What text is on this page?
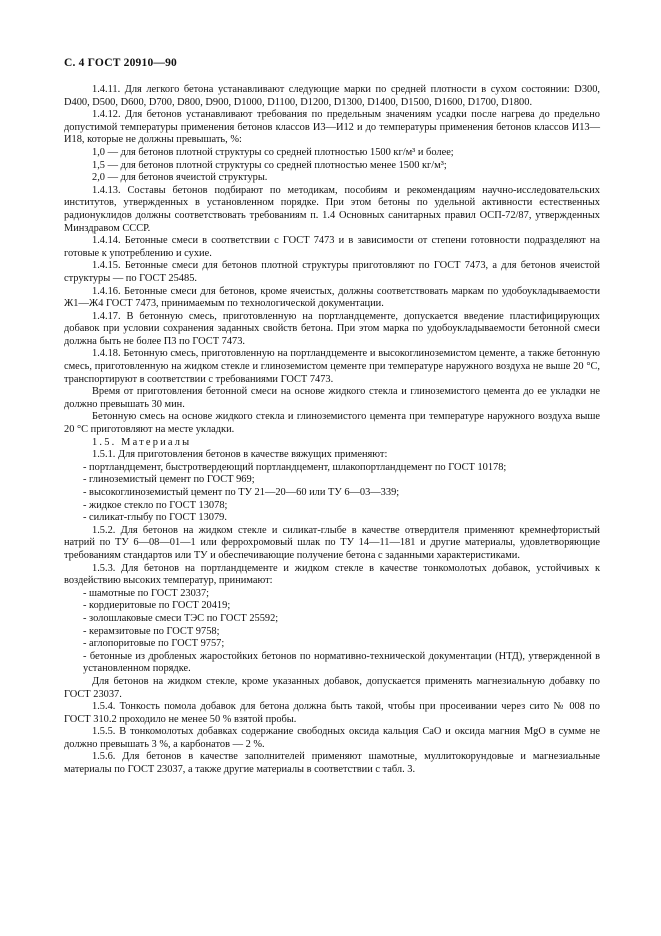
С. 4 ГОСТ 20910—90

1.4.11. Для легкого бетона устанавливают следующие марки по средней плотности в сухом состоянии: D300, D400, D500, D600, D700, D800, D900, D1000, D1100, D1200, D1300, D1400, D1500, D1600, D1700, D1800.

1.4.12. Для бетонов устанавливают требования по предельным значениям усадки после нагрева до предельно допустимой температуры применения бетонов классов И3—И12 и до температуры применения бетонов классов И13—И18, которые не должны превышать, %:

1,0 — для бетонов плотной структуры со средней плотностью 1500 кг/м³ и более;

1,5 — для бетонов плотной структуры со средней плотностью менее 1500 кг/м³;

2,0 — для бетонов ячеистой структуры.

1.4.13. Составы бетонов подбирают по методикам, пособиям и рекомендациям научно-исследовательских институтов, утвержденных в установленном порядке. При этом бетоны по удельной активности естественных радионуклидов должны соответствовать требованиям п. 1.4 Основных санитарных правил ОСП-72/87, утвержденных Минздравом СССР.

1.4.14. Бетонные смеси в соответствии с ГОСТ 7473 и в зависимости от степени готовности подразделяют на готовые к употреблению и сухие.

1.4.15. Бетонные смеси для бетонов плотной структуры приготовляют по ГОСТ 7473, а для бетонов ячеистой структуры — по ГОСТ 25485.

1.4.16. Бетонные смеси для бетонов, кроме ячеистых, должны соответствовать маркам по удобоукладываемости Ж1—Ж4 ГОСТ 7473, принимаемым по технологической документации.

1.4.17. В бетонную смесь, приготовленную на портландцементе, допускается введение пластифицирующих добавок при условии сохранения заданных свойств бетона. При этом марка по удобоукладываемости бетонной смеси должна быть не более П3 по ГОСТ 7473.

1.4.18. Бетонную смесь, приготовленную на портландцементе и высокоглиноземистом цементе, а также бетонную смесь, приготовленную на жидком стекле и глиноземистом цементе при температуре наружного воздуха не выше 20 °С, транспортируют в соответствии с требованиями ГОСТ 7473.

Время от приготовления бетонной смеси на основе жидкого стекла и глиноземистого цемента до ее укладки не должно превышать 30 мин.

Бетонную смесь на основе жидкого стекла и глиноземистого цемента при температуре наружного воздуха выше 20 °С приготовляют на месте укладки.

1.5. Материалы

1.5.1. Для приготовления бетонов в качестве вяжущих применяют:

- портландцемент, быстротвердеющий портландцемент, шлакопортландцемент по ГОСТ 10178;

- глиноземистый цемент по ГОСТ 969;

- высокоглиноземистый цемент по ТУ 21—20—60 или ТУ 6—03—339;

- жидкое стекло по ГОСТ 13078;

- силикат-глыбу по ГОСТ 13079.

1.5.2. Для бетонов на жидком стекле и силикат-глыбе в качестве отвердителя применяют кремнефтористый натрий по ТУ 6—08—01—1 или феррохромовый шлак по ТУ 14—11—181 и другие материалы, удовлетворяющие требованиям стандартов или ТУ и обеспечивающие получение бетона с заданными характеристиками.

1.5.3. Для бетонов на портландцементе и жидком стекле в качестве тонкомолотых добавок, устойчивых к воздействию высоких температур, принимают:

- шамотные по ГОСТ 23037;

- кордиеритовые по ГОСТ 20419;

- золошлаковые смеси ТЭС по ГОСТ 25592;

- керамзитовые по ГОСТ 9758;

- аглопоритовые по ГОСТ 9757;

- бетонные из дробленых жаростойких бетонов по нормативно-технической документации (НТД), утвержденной в установленном порядке.

Для бетонов на жидком стекле, кроме указанных добавок, допускается применять магнезиальную добавку по ГОСТ 23037.

1.5.4. Тонкость помола добавок для бетона должна быть такой, чтобы при просеивании через сито № 008 по ГОСТ 310.2 проходило не менее 50 % взятой пробы.

1.5.5. В тонкомолотых добавках содержание свободных оксида кальция CaO и оксида магния MgO в сумме не должно превышать 3 %, а карбонатов — 2 %.

1.5.6. Для бетонов в качестве заполнителей применяют шамотные, муллитокорундовые и магнезиальные материалы по ГОСТ 23037, а также другие материалы в соответствии с табл. 3.
